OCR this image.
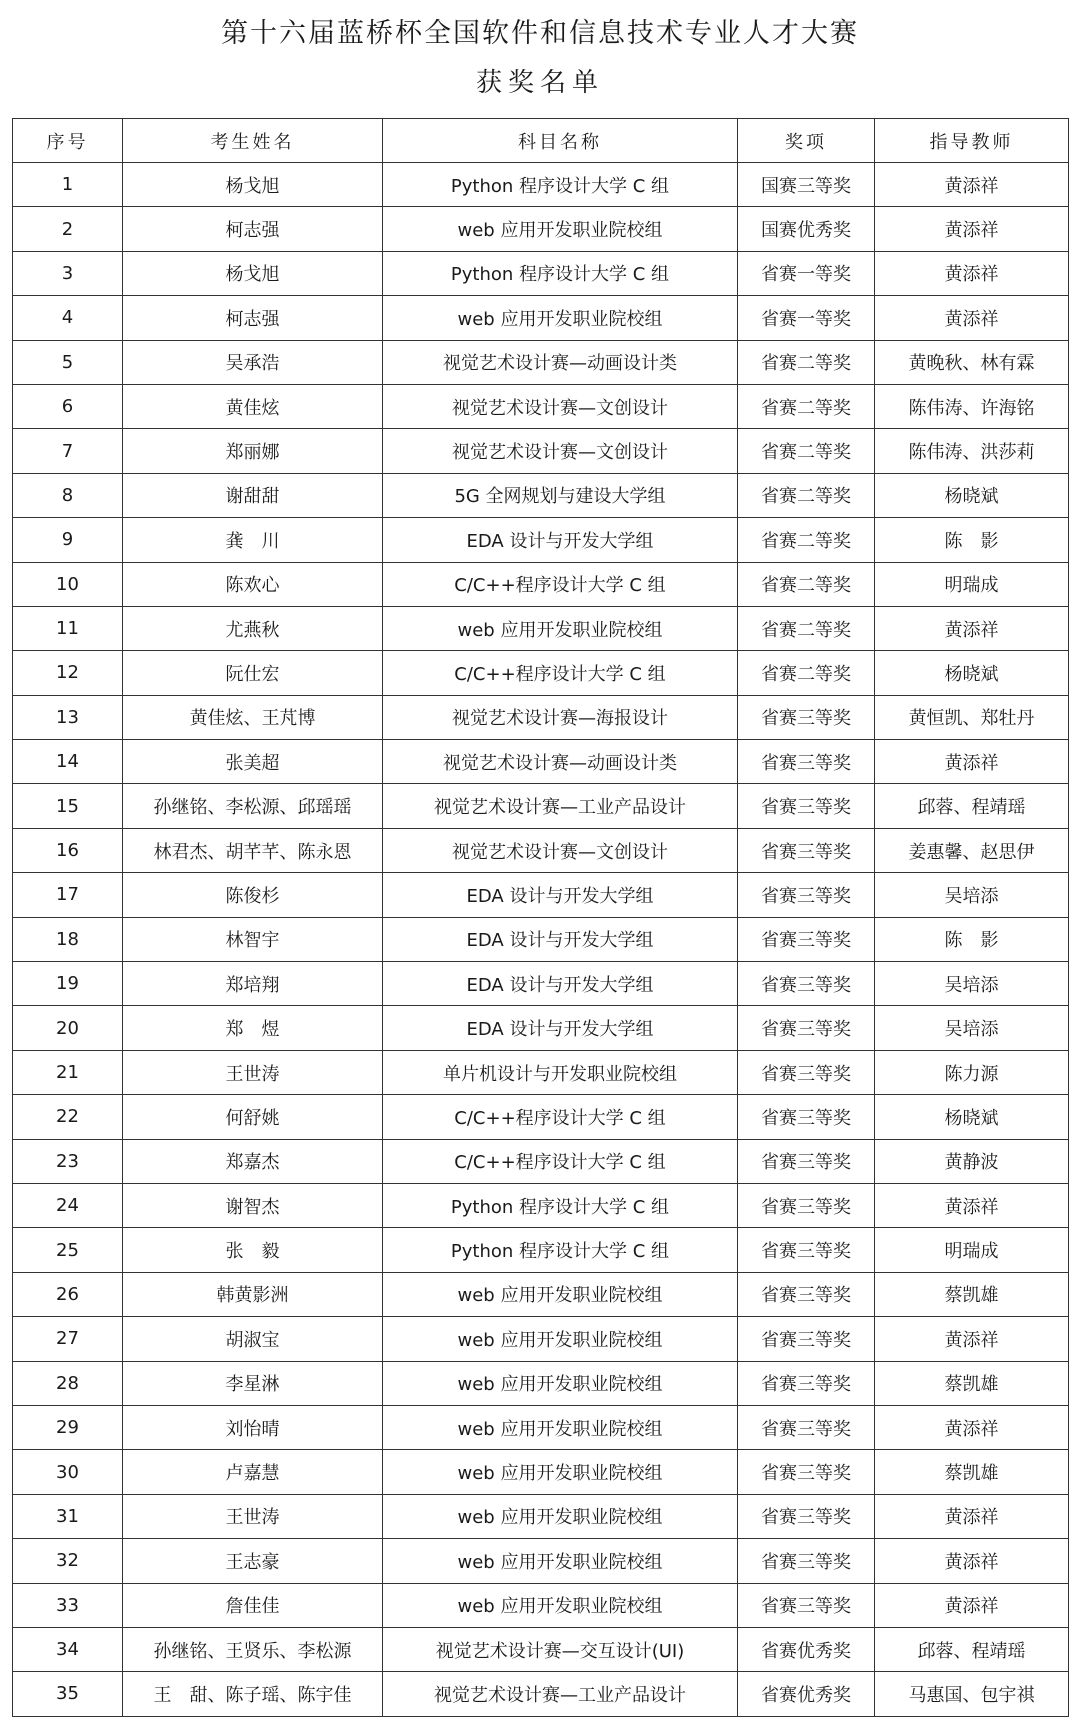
第十六届蓝桥杯全国软件和信息技术专业人才大赛
获奖名单
序号	考生姓名	科目名称	奖项	指导教师
1	杨戈旭	Python 程序设计大学 C 组	国赛三等奖	黄添祥
2	柯志强	web 应用开发职业院校组	国赛优秀奖	黄添祥
3	杨戈旭	Python 程序设计大学 C 组	省赛一等奖	黄添祥
4	柯志强	web 应用开发职业院校组	省赛一等奖	黄添祥
5	吴承浩	视觉艺术设计赛—动画设计类	省赛二等奖	黄晚秋、林有霖
6	黄佳炫	视觉艺术设计赛—文创设计	省赛二等奖	陈伟涛、许海铭
7	郑丽娜	视觉艺术设计赛—文创设计	省赛二等奖	陈伟涛、洪莎莉
8	谢甜甜	5G 全网规划与建设大学组	省赛二等奖	杨晓斌
9	龚　川	EDA 设计与开发大学组	省赛二等奖	陈　影
10	陈欢心	C/C++程序设计大学 C 组	省赛二等奖	明瑞成
11	尤燕秋	web 应用开发职业院校组	省赛二等奖	黄添祥
12	阮仕宏	C/C++程序设计大学 C 组	省赛二等奖	杨晓斌
13	黄佳炫、王芃博	视觉艺术设计赛—海报设计	省赛三等奖	黄恒凯、郑牡丹
14	张美超	视觉艺术设计赛—动画设计类	省赛三等奖	黄添祥
15	孙继铭、李松源、邱瑶瑶	视觉艺术设计赛—工业产品设计	省赛三等奖	邱蓉、程靖瑶
16	林君杰、胡芊芊、陈永恩	视觉艺术设计赛—文创设计	省赛三等奖	姜惠馨、赵思伊
17	陈俊杉	EDA 设计与开发大学组	省赛三等奖	吴培添
18	林智宇	EDA 设计与开发大学组	省赛三等奖	陈　影
19	郑培翔	EDA 设计与开发大学组	省赛三等奖	吴培添
20	郑　煜	EDA 设计与开发大学组	省赛三等奖	吴培添
21	王世涛	单片机设计与开发职业院校组	省赛三等奖	陈力源
22	何舒姚	C/C++程序设计大学 C 组	省赛三等奖	杨晓斌
23	郑嘉杰	C/C++程序设计大学 C 组	省赛三等奖	黄静波
24	谢智杰	Python 程序设计大学 C 组	省赛三等奖	黄添祥
25	张　毅	Python 程序设计大学 C 组	省赛三等奖	明瑞成
26	韩黄影洲	web 应用开发职业院校组	省赛三等奖	蔡凯雄
27	胡淑宝	web 应用开发职业院校组	省赛三等奖	黄添祥
28	李星淋	web 应用开发职业院校组	省赛三等奖	蔡凯雄
29	刘怡晴	web 应用开发职业院校组	省赛三等奖	黄添祥
30	卢嘉慧	web 应用开发职业院校组	省赛三等奖	蔡凯雄
31	王世涛	web 应用开发职业院校组	省赛三等奖	黄添祥
32	王志豪	web 应用开发职业院校组	省赛三等奖	黄添祥
33	詹佳佳	web 应用开发职业院校组	省赛三等奖	黄添祥
34	孙继铭、王贤乐、李松源	视觉艺术设计赛—交互设计(UI)	省赛优秀奖	邱蓉、程靖瑶
35	王　甜、陈子瑶、陈宇佳	视觉艺术设计赛—工业产品设计	省赛优秀奖	马惠国、包宇祺
